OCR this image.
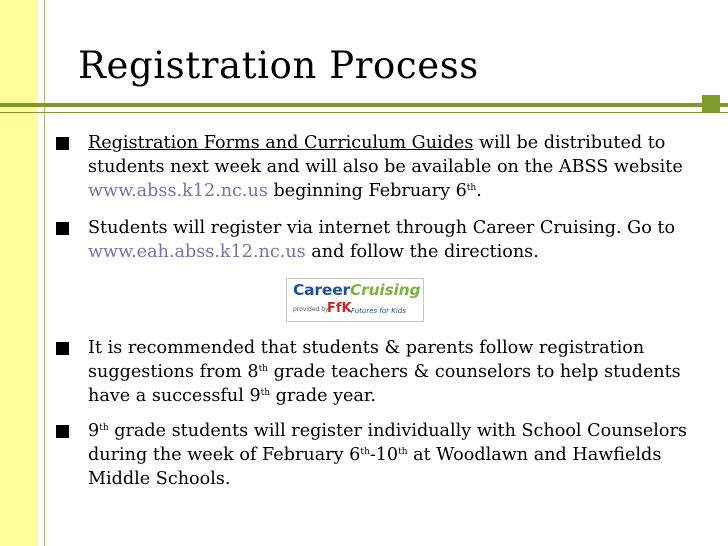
Registration Process
Registration Forms and Curriculum Guides will be distributed to students next week and will also be available on the ABSS website www.abss.k12.nc.us beginning February 6th.
Students will register via internet through Career Cruising. Go to www.eah.abss.k12.nc.us and follow the directions.
CareerCruising
provided by
FfK Futures for Kids
It is recommended that students & parents follow registration suggestions from 8th grade teachers & counselors to help students have a successful 9th grade year.
9th grade students will register individually with School Counselors during the week of February 6th-10th at Woodlawn and Hawfields Middle Schools.
